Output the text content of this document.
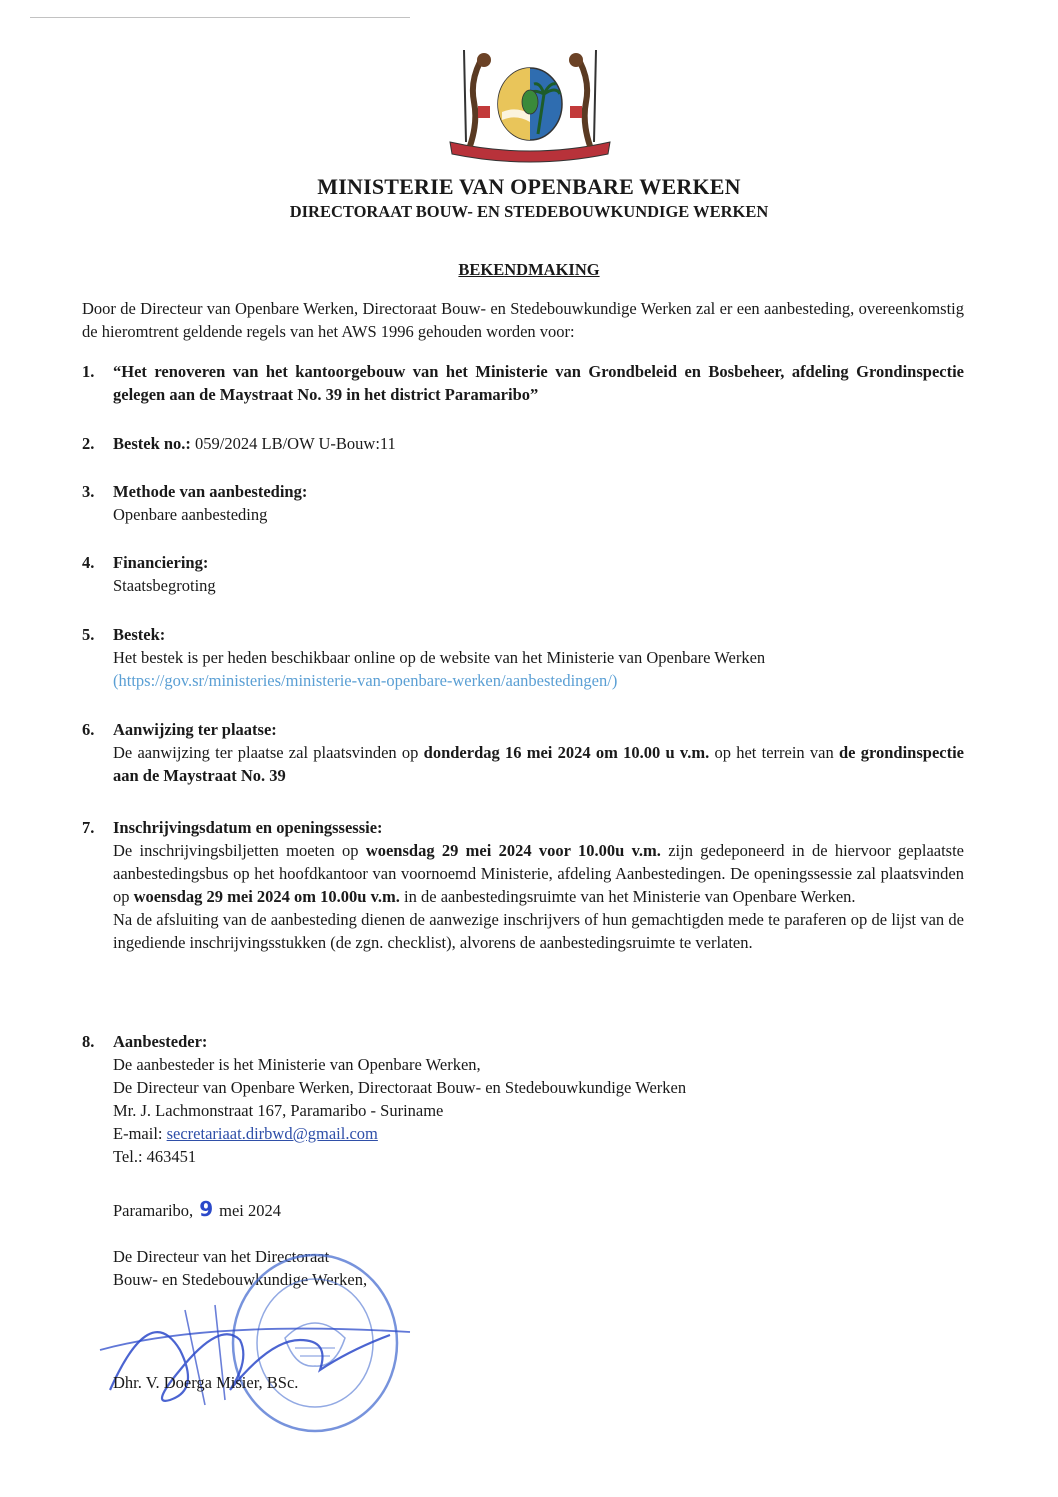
MINISTERIE VAN OPENBARE WERKEN
DIRECTORAAT BOUW- EN STEDEBOUWKUNDIGE WERKEN
BEKENDMAKING
Door de Directeur van Openbare Werken, Directoraat Bouw- en Stedebouwkundige Werken zal er een aanbesteding, overeenkomstig de hieromtrent geldende regels van het AWS 1996 gehouden worden voor:
1. “Het renoveren van het kantoorgebouw van het Ministerie van Grondbeleid en Bosbeheer, afdeling Grondinspectie gelegen aan de Maystraat No. 39 in het district Paramaribo”
2. Bestek no.: 059/2024 LB/OW U-Bouw:11
3. Methode van aanbesteding:
Openbare aanbesteding
4. Financiering:
Staatsbegroting
5. Bestek:
Het bestek is per heden beschikbaar online op de website van het Ministerie van Openbare Werken
(https://gov.sr/ministeries/ministerie-van-openbare-werken/aanbestedingen/)
6. Aanwijzing ter plaatse:
De aanwijzing ter plaatse zal plaatsvinden op donderdag 16 mei 2024 om 10.00 u v.m. op het terrein van de grondinspectie aan de Maystraat No. 39
7. Inschrijvingsdatum en openingssessie:
De inschrijvingsbiljetten moeten op woensdag 29 mei 2024 voor 10.00u v.m. zijn gedeponeerd in de hiervoor geplaatste aanbestedingsbus op het hoofdkantoor van voornoemd Ministerie, afdeling Aanbestedingen. De openingssessie zal plaatsvinden op woensdag 29 mei 2024 om 10.00u v.m. in de aanbestedingsruimte van het Ministerie van Openbare Werken.
Na de afsluiting van de aanbesteding dienen de aanwezige inschrijvers of hun gemachtigden mede te paraferen op de lijst van de ingediende inschrijvingsstukken (de zgn. checklist), alvorens de aanbestedingsruimte te verlaten.
8. Aanbesteder:
De aanbesteder is het Ministerie van Openbare Werken,
De Directeur van Openbare Werken, Directoraat Bouw- en Stedebouwkundige Werken
Mr. J. Lachmonstraat 167, Paramaribo - Suriname
E-mail: secretariaat.dirbwd@gmail.com
Tel.: 463451
Paramaribo, 9 mei 2024
De Directeur van het Directoraat
Bouw- en Stedebouwkundige Werken,
Dhr. V. Doerga Misier, BSc.
